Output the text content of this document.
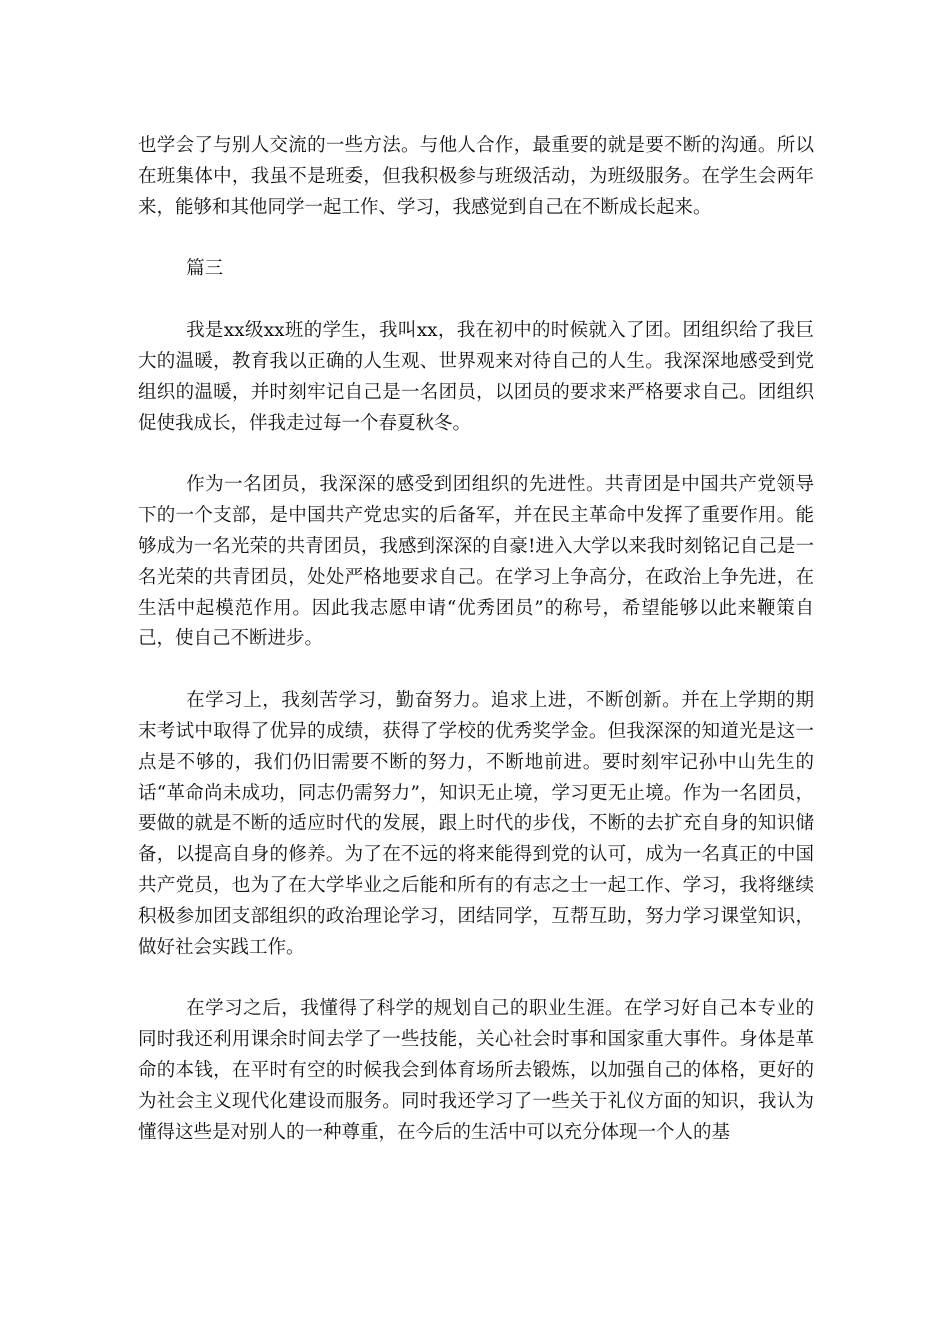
也学会了与别人交流的一些方法。与他人合作，最重要的就是要不断的沟通。所以在班集体中，我虽不是班委，但我积极参与班级活动，为班级服务。在学生会两年来，能够和其他同学一起工作、学习，我感觉到自己在不断成长起来。

篇三

我是xx级xx班的学生，我叫xx，我在初中的时候就入了团。团组织给了我巨大的温暖，教育我以正确的人生观、世界观来对待自己的人生。我深深地感受到党组织的温暖，并时刻牢记自己是一名团员，以团员的要求来严格要求自己。团组织促使我成长，伴我走过每一个春夏秋冬。

作为一名团员，我深深的感受到团组织的先进性。共青团是中国共产党领导下的一个支部，是中国共产党忠实的后备军，并在民主革命中发挥了重要作用。能够成为一名光荣的共青团员，我感到深深的自豪!进入大学以来我时刻铭记自己是一名光荣的共青团员，处处严格地要求自己。在学习上争高分，在政治上争先进，在生活中起模范作用。因此我志愿申请“优秀团员”的称号，希望能够以此来鞭策自己，使自己不断进步。

在学习上，我刻苦学习，勤奋努力。追求上进，不断创新。并在上学期的期末考试中取得了优异的成绩，获得了学校的优秀奖学金。但我深深的知道光是这一点是不够的，我们仍旧需要不断的努力，不断地前进。要时刻牢记孙中山先生的话“革命尚未成功，同志仍需努力”，知识无止境，学习更无止境。作为一名团员，要做的就是不断的适应时代的发展，跟上时代的步伐，不断的去扩充自身的知识储备，以提高自身的修养。为了在不远的将来能得到党的认可，成为一名真正的中国共产党员，也为了在大学毕业之后能和所有的有志之士一起工作、学习，我将继续积极参加团支部组织的政治理论学习，团结同学，互帮互助，努力学习课堂知识，做好社会实践工作。

在学习之后，我懂得了科学的规划自己的职业生涯。在学习好自己本专业的同时我还利用课余时间去学了一些技能，关心社会时事和国家重大事件。身体是革命的本钱，在平时有空的时候我会到体育场所去锻炼，以加强自己的体格，更好的为社会主义现代化建设而服务。同时我还学习了一些关于礼仪方面的知识，我认为懂得这些是对别人的一种尊重，在今后的生活中可以充分体现一个人的基
